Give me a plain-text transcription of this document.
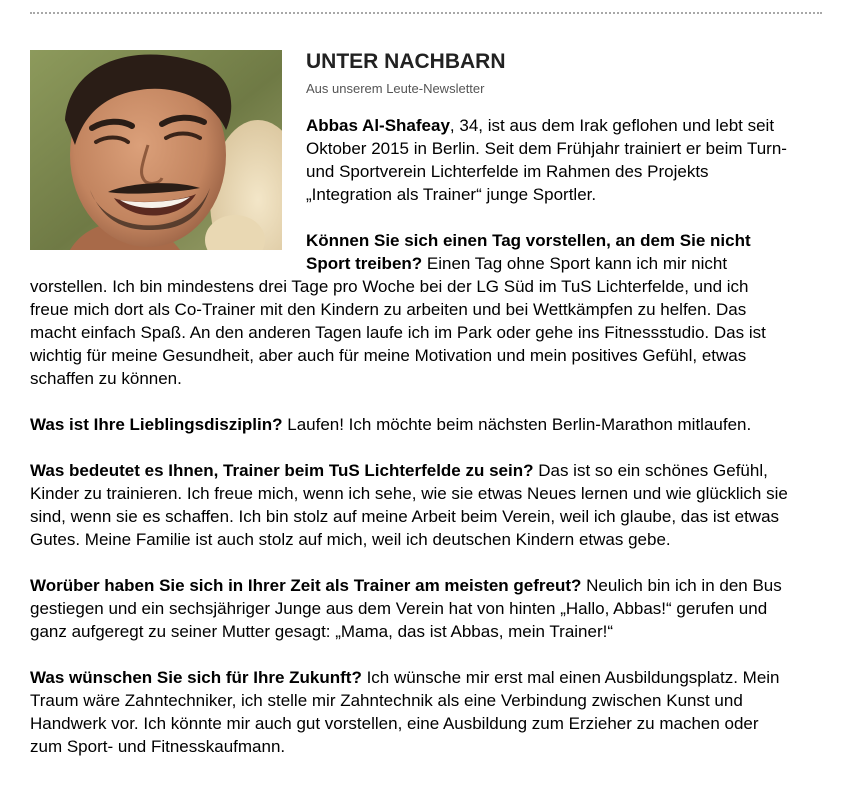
UNTER NACHBARN

Aus unserem Leute-Newsletter

Abbas Al-Shafeay, 34, ist aus dem Irak geflohen und lebt seit Oktober 2015 in Berlin. Seit dem Frühjahr trainiert er beim Turn- und Sportverein Lichterfelde im Rahmen des Projekts „Integration als Trainer“ junge Sportler.

Können Sie sich einen Tag vorstellen, an dem Sie nicht Sport treiben? Einen Tag ohne Sport kann ich mir nicht vorstellen. Ich bin mindestens drei Tage pro Woche bei der LG Süd im TuS Lichterfelde, und ich freue mich dort als Co-Trainer mit den Kindern zu arbeiten und bei Wettkämpfen zu helfen. Das macht einfach Spaß. An den anderen Tagen laufe ich im Park oder gehe ins Fitnessstudio. Das ist wichtig für meine Gesundheit, aber auch für meine Motivation und mein positives Gefühl, etwas schaffen zu können.

Was ist Ihre Lieblingsdisziplin? Laufen! Ich möchte beim nächsten Berlin-Marathon mitlaufen.

Was bedeutet es Ihnen, Trainer beim TuS Lichterfelde zu sein? Das ist so ein schönes Gefühl, Kinder zu trainieren. Ich freue mich, wenn ich sehe, wie sie etwas Neues lernen und wie glücklich sie sind, wenn sie es schaffen. Ich bin stolz auf meine Arbeit beim Verein, weil ich glaube, das ist etwas Gutes. Meine Familie ist auch stolz auf mich, weil ich deutschen Kindern etwas gebe.

Worüber haben Sie sich in Ihrer Zeit als Trainer am meisten gefreut? Neulich bin ich in den Bus gestiegen und ein sechsjähriger Junge aus dem Verein hat von hinten „Hallo, Abbas!“ gerufen und ganz aufgeregt zu seiner Mutter gesagt: „Mama, das ist Abbas, mein Trainer!“

Was wünschen Sie sich für Ihre Zukunft? Ich wünsche mir erst mal einen Ausbildungsplatz. Mein Traum wäre Zahntechniker, ich stelle mir Zahntechnik als eine Verbindung zwischen Kunst und Handwerk vor. Ich könnte mir auch gut vorstellen, eine Ausbildung zum Erzieher zu machen oder zum Sport- und Fitnesskaufmann.
